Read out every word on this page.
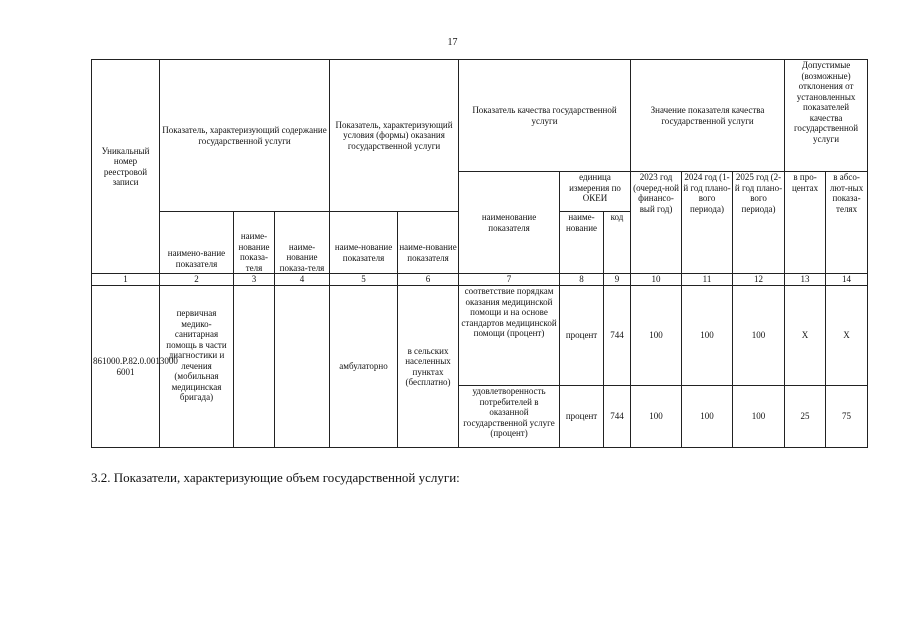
17
Уникальный номер реестровой записи	Показатель, характеризующий содержание государственной услуги			Показатель, характеризующий условия (формы) оказания государственной услуги		Показатель качества государственной услуги			Значение показателя качества государственной услуги			Допустимые (возможные) отклонения от установленных показателей качества государственной услуги	
						наименование показателя	единица измерения по ОКЕИ		2023 год (очеред-ной финансо-вый год)	2024 год (1-й год плано-вого периода)	2025 год (2-й год плано-вого периода)	в про-центах	в абсо-лют-ных показа-телях
	наимено-вание показателя	наиме-нование показа-теля	наиме-нование показа-теля	наиме-нование показателя	наиме-нование показателя		наиме-нование	код					
1	2	3	4	5	6	7	8	9	10	11	12	13	14
861000.Р.82.0.0013000 6001	первичная медико-санитарная помощь в части диагностики и лечения (мобильная медицинская бригада)			амбулаторно	в сельских населенных пунктах (бесплатно)	соответствие порядкам оказания медицинской помощи и на основе стандартов медицинской помощи (процент)	процент	744	100	100	100	Х	Х
						удовлетворенность потребителей в оказанной государственной услуге (процент)	процент	744	100	100	100	25	75
3.2. Показатели, характеризующие объем государственной услуги:
